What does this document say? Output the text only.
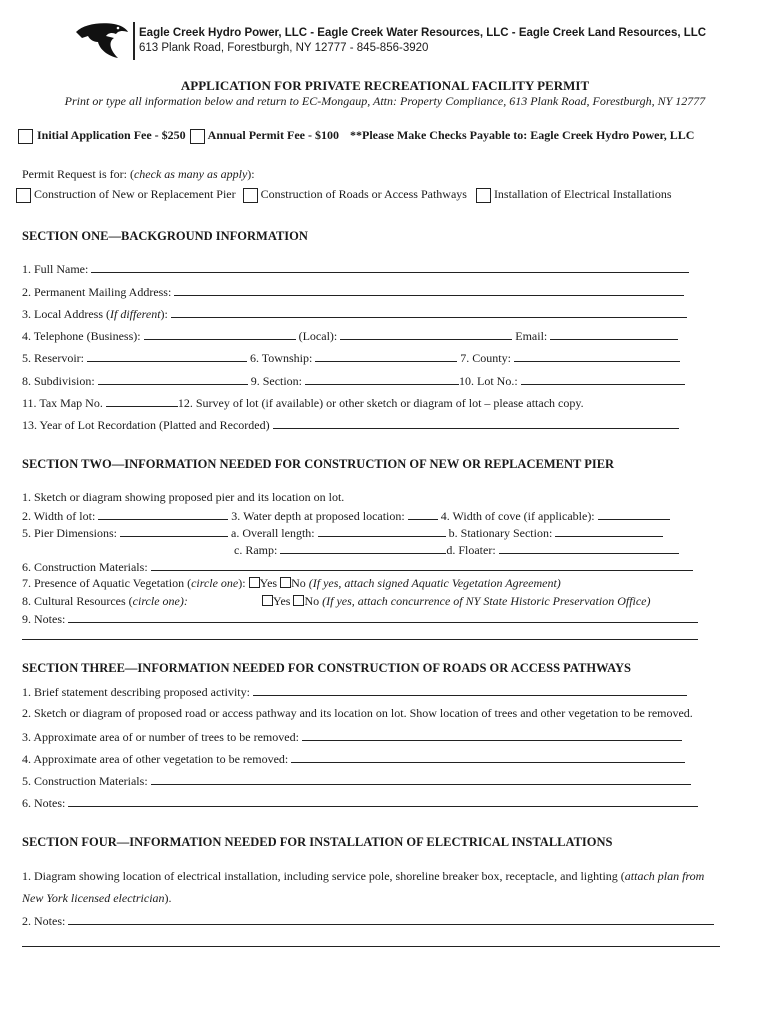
Eagle Creek Hydro Power, LLC - Eagle Creek Water Resources, LLC - Eagle Creek Land Resources, LLC
613 Plank Road, Forestburgh, NY 12777 - 845-856-3920
APPLICATION FOR PRIVATE RECREATIONAL FACILITY PERMIT
Print or type all information below and return to EC-Mongaup, Attn: Property Compliance, 613 Plank Road, Forestburgh, NY 12777
Initial Application Fee - $250 Annual Permit Fee - $100 **Please Make Checks Payable to: Eagle Creek Hydro Power, LLC
Permit Request is for: (check as many as apply):
Construction of New or Replacement Pier Construction of Roads or Access Pathways Installation of Electrical Installations
SECTION ONE—BACKGROUND INFORMATION
1. Full Name:
2. Permanent Mailing Address:
3. Local Address (If different):
4. Telephone (Business):	(Local):	Email:
5. Reservoir:	6. Township:	7. County:
8. Subdivision:	9. Section:	10. Lot No.:
11. Tax Map No.	12. Survey of lot (if available) or other sketch or diagram of lot – please attach copy.
13. Year of Lot Recordation (Platted and Recorded)
SECTION TWO—INFORMATION NEEDED FOR CONSTRUCTION OF NEW OR REPLACEMENT PIER
1. Sketch or diagram showing proposed pier and its location on lot.
2. Width of lot:	3. Water depth at proposed location:	4. Width of cove (if applicable):
5. Pier Dimensions:	a. Overall length:	b. Stationary Section:
c. Ramp:	d. Floater:
6. Construction Materials:
7. Presence of Aquatic Vegetation (circle one): Yes No (If yes, attach signed Aquatic Vegetation Agreement)
8. Cultural Resources (circle one):	Yes No (If yes, attach concurrence of NY State Historic Preservation Office)
9. Notes:
SECTION THREE—INFORMATION NEEDED FOR CONSTRUCTION OF ROADS OR ACCESS PATHWAYS
1. Brief statement describing proposed activity:
2. Sketch or diagram of proposed road or access pathway and its location on lot. Show location of trees and other vegetation to be removed.
3. Approximate area of or number of trees to be removed:
4. Approximate area of other vegetation to be removed:
5. Construction Materials:
6. Notes:
SECTION FOUR—INFORMATION NEEDED FOR INSTALLATION OF ELECTRICAL INSTALLATIONS
1. Diagram showing location of electrical installation, including service pole, shoreline breaker box, receptacle, and lighting (attach plan from
New York licensed electrician).
2. Notes:
